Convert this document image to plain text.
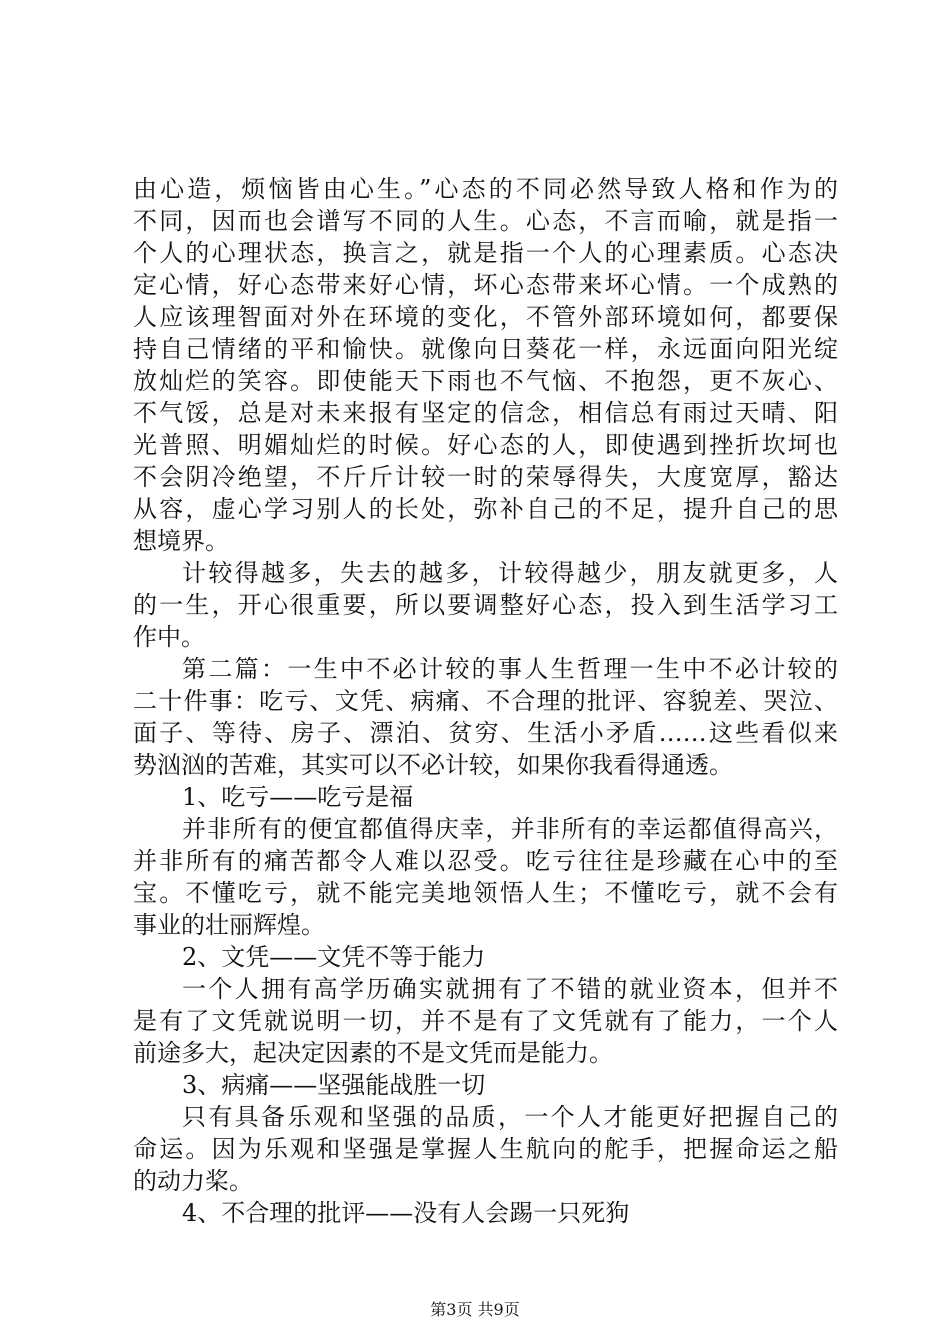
由心造，烦恼皆由心生。”心态的不同必然导致人格和作为的
不同，因而也会谱写不同的人生。心态，不言而喻，就是指一
个人的心理状态，换言之，就是指一个人的心理素质。心态决
定心情，好心态带来好心情，坏心态带来坏心情。一个成熟的
人应该理智面对外在环境的变化，不管外部环境如何，都要保
持自己情绪的平和愉快。就像向日葵花一样，永远面向阳光绽
放灿烂的笑容。即使能天下雨也不气恼、不抱怨，更不灰心、
不气馁，总是对未来报有坚定的信念，相信总有雨过天晴、阳
光普照、明媚灿烂的时候。好心态的人，即使遇到挫折坎坷也
不会阴冷绝望，不斤斤计较一时的荣辱得失，大度宽厚，豁达
从容，虚心学习别人的长处，弥补自己的不足，提升自己的思
想境界。
计较得越多，失去的越多，计较得越少，朋友就更多，人
的一生，开心很重要，所以要调整好心态，投入到生活学习工
作中。
第二篇：一生中不必计较的事人生哲理一生中不必计较的
二十件事：吃亏、文凭、病痛、不合理的批评、容貌差、哭泣、
面子、等待、房子、漂泊、贫穷、生活小矛盾……这些看似来
势汹汹的苦难，其实可以不必计较，如果你我看得通透。
1、吃亏——吃亏是福
并非所有的便宜都值得庆幸，并非所有的幸运都值得高兴，
并非所有的痛苦都令人难以忍受。吃亏往往是珍藏在心中的至
宝。不懂吃亏，就不能完美地领悟人生；不懂吃亏，就不会有
事业的壮丽辉煌。
2、文凭——文凭不等于能力
一个人拥有高学历确实就拥有了不错的就业资本，但并不
是有了文凭就说明一切，并不是有了文凭就有了能力，一个人
前途多大，起决定因素的不是文凭而是能力。
3、病痛——坚强能战胜一切
只有具备乐观和坚强的品质，一个人才能更好把握自己的
命运。因为乐观和坚强是掌握人生航向的舵手，把握命运之船
的动力桨。
4、不合理的批评——没有人会踢一只死狗
第3页 共9页
